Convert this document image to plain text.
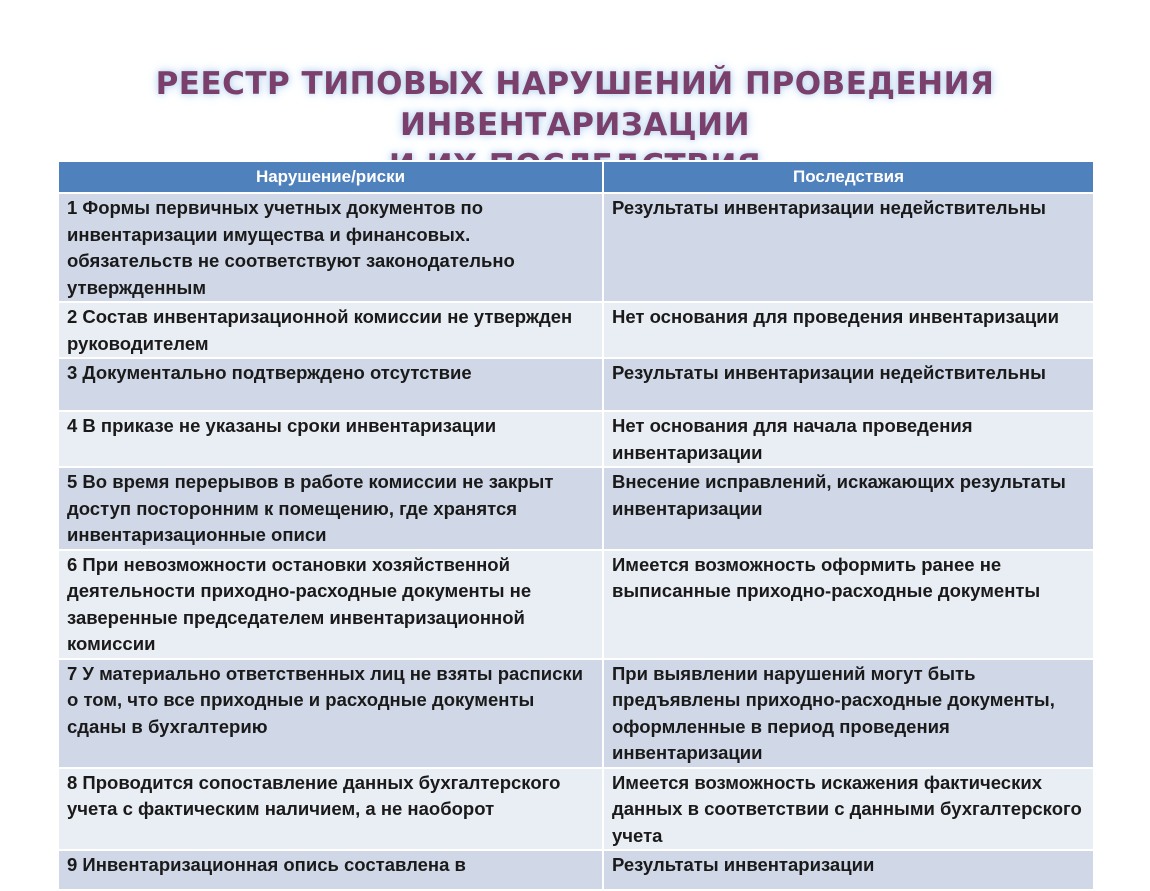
РЕЕСТР ТИПОВЫХ НАРУШЕНИЙ ПРОВЕДЕНИЯ ИНВЕНТАРИЗАЦИИ
Нарушение/риски	Последствия
1 Формы первичных учетных документов по инвентаризации имущества и финансовых. обязательств не соответствуют законодательно утвержденным	Результаты инвентаризации недействительны
2 Состав инвентаризационной комиссии не утвержден руководителем	Нет основания для проведения инвентаризации
3 Документально подтверждено отсутствие	Результаты инвентаризации недействительны
4 В приказе не указаны сроки инвентаризации	Нет основания для начала проведения инвентаризации
5 Во время перерывов в работе комиссии не закрыт доступ посторонним к помещению, где хранятся инвентаризационные описи	Внесение исправлений, искажающих результаты инвентаризации
6 При невозможности остановки хозяйственной деятельности приходно-расходные документы не заверенные председателем инвентаризационной комиссии	Имеется возможность оформить ранее не выписанные приходно-расходные документы
7 У материально ответственных лиц не взяты расписки о том, что все приходные и расходные документы сданы в бухгалтерию	При выявлении нарушений могут быть предъявлены приходно-расходные документы, оформленные в период проведения инвентаризации
8 Проводится сопоставление данных бухгалтерского учета с фактическим наличием, а не наоборот	Имеется возможность искажения фактических данных в соответствии с данными бухгалтерского учета
9 Инвентаризационная опись составлена в	Результаты инвентаризации
